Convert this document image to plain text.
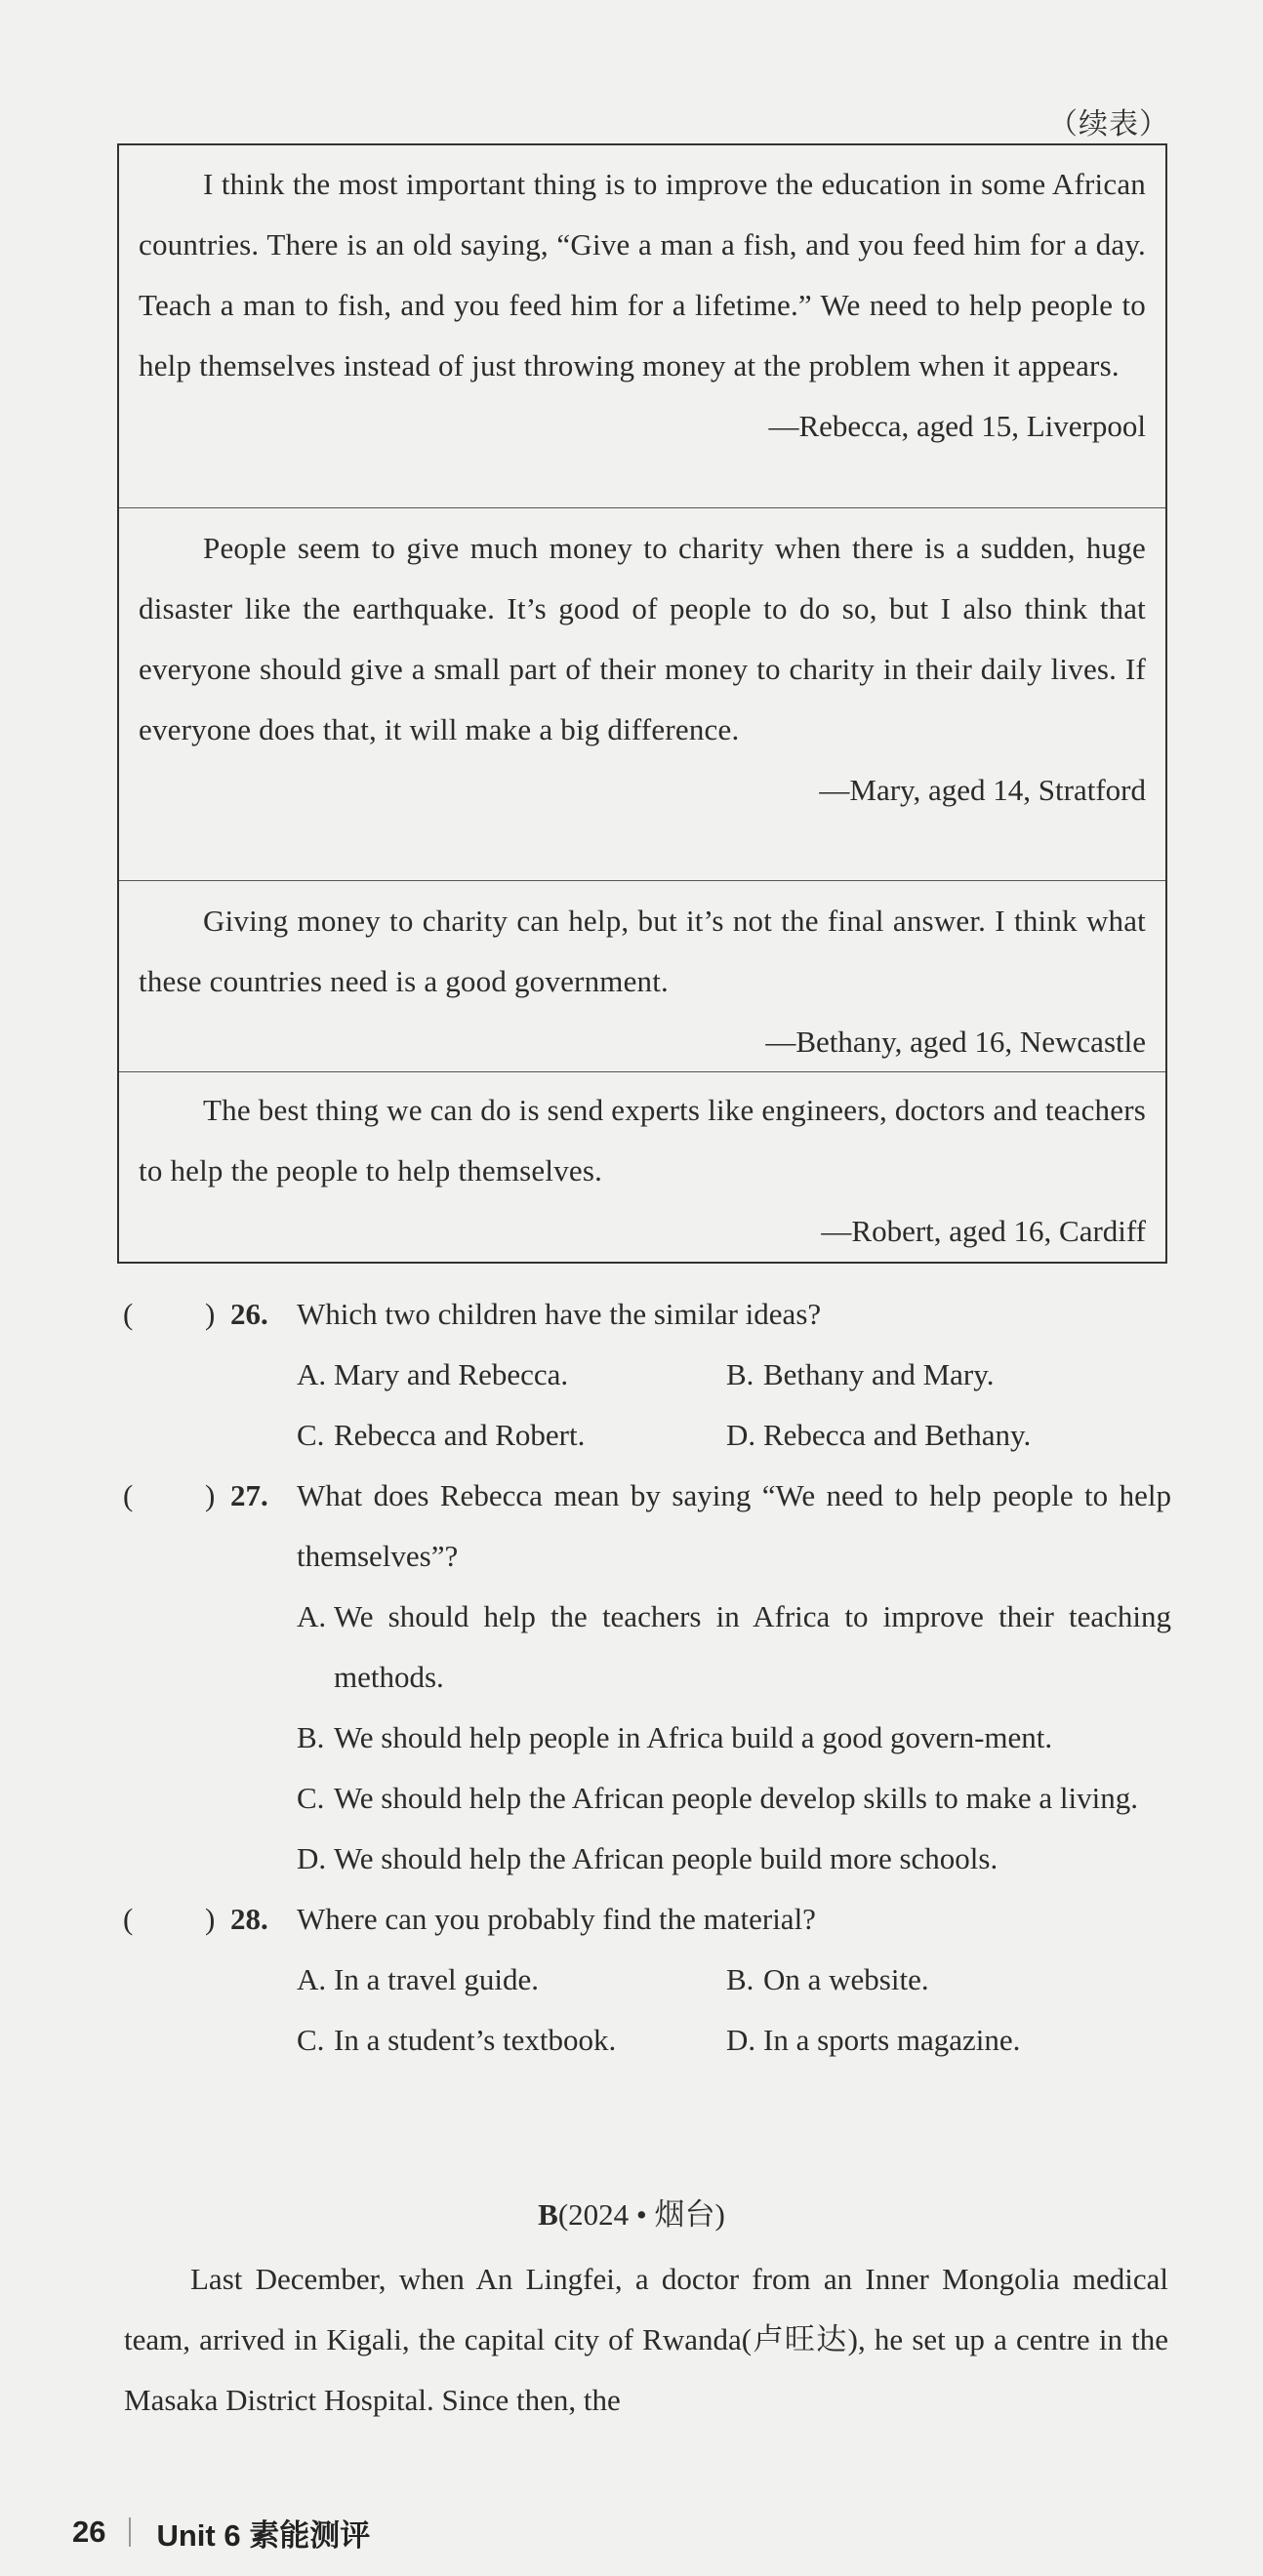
（续表）

I think the most important thing is to improve the education in some African countries. There is an old saying, “Give a man a fish, and you feed him for a day. Teach a man to fish, and you feed him for a lifetime.” We need to help people to help themselves instead of just throwing money at the problem when it appears.

—Rebecca, aged 15, Liverpool

People seem to give much money to charity when there is a sudden, huge disaster like the earthquake. It’s good of people to do so, but I also think that everyone should give a small part of their money to charity in their daily lives. If everyone does that, it will make a big difference.

—Mary, aged 14, Stratford

Giving money to charity can help, but it’s not the final answer. I think what these countries need is a good government.

—Bethany, aged 16, Newcastle

The best thing we can do is send experts like engineers, doctors and teachers to help the people to help themselves.

—Robert, aged 16, Cardiff
( ) 26. Which two children have the similar ideas?
A. Mary and Rebecca.	B. Bethany and Mary.
C. Rebecca and Robert.	D. Rebecca and Bethany.
( ) 27. What does Rebecca mean by saying “We need to help people to help themselves”?
A. We should help the teachers in Africa to improve their teaching methods.
B. We should help people in Africa build a good govern-ment.
C. We should help the African people develop skills to make a living.
D. We should help the African people build more schools.
( ) 28. Where can you probably find the material?
A. In a travel guide.	B. On a website.
C. In a student’s textbook.	D. In a sports magazine.
B(2024 • 烟台)

Last December, when An Lingfei, a doctor from an Inner Mongolia medical team, arrived in Kigali, the capital city of Rwanda(卢旺达), he set up a centre in the Masaka District Hospital. Since then, the

26 Unit 6 素能测评
